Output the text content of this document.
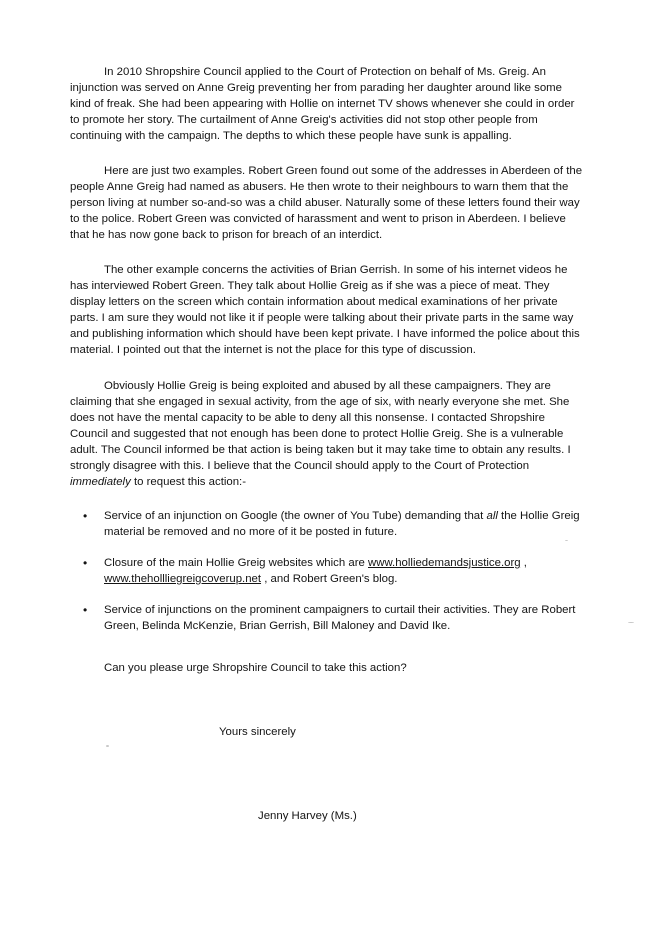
In 2010 Shropshire Council applied to the Court of Protection on behalf of Ms. Greig. An injunction was served on Anne Greig preventing her from parading her daughter around like some kind of freak. She had been appearing with Hollie on internet TV shows whenever she could in order to promote her story. The curtailment of Anne Greig's activities did not stop other people from continuing with the campaign. The depths to which these people have sunk is appalling.

Here are just two examples. Robert Green found out some of the addresses in Aberdeen of the people Anne Greig had named as abusers. He then wrote to their neighbours to warn them that the person living at number so-and-so was a child abuser. Naturally some of these letters found their way to the police. Robert Green was convicted of harassment and went to prison in Aberdeen. I believe that he has now gone back to prison for breach of an interdict.

The other example concerns the activities of Brian Gerrish. In some of his internet videos he has interviewed Robert Green. They talk about Hollie Greig as if she was a piece of meat. They display letters on the screen which contain information about medical examinations of her private parts. I am sure they would not like it if people were talking about their private parts in the same way and publishing information which should have been kept private. I have informed the police about this material. I pointed out that the internet is not the place for this type of discussion.

Obviously Hollie Greig is being exploited and abused by all these campaigners. They are claiming that she engaged in sexual activity, from the age of six, with nearly everyone she met. She does not have the mental capacity to be able to deny all this nonsense. I contacted Shropshire Council and suggested that not enough has been done to protect Hollie Greig. She is a vulnerable adult. The Council informed be that action is being taken but it may take time to obtain any results. I strongly disagree with this. I believe that the Council should apply to the Court of Protection immediately to request this action:-

• Service of an injunction on Google (the owner of You Tube) demanding that all the Hollie Greig material be removed and no more of it be posted in future.
• Closure of the main Hollie Greig websites which are www.holliedemandsjustice.org ,
www.thehollliegreigcoverup.net , and Robert Green's blog.
• Service of injunctions on the prominent campaigners to curtail their activities. They are Robert Green, Belinda McKenzie, Brian Gerrish, Bill Maloney and David Ike.

Can you please urge Shropshire Council to take this action?

Yours sincerely

Jenny Harvey (Ms.)
